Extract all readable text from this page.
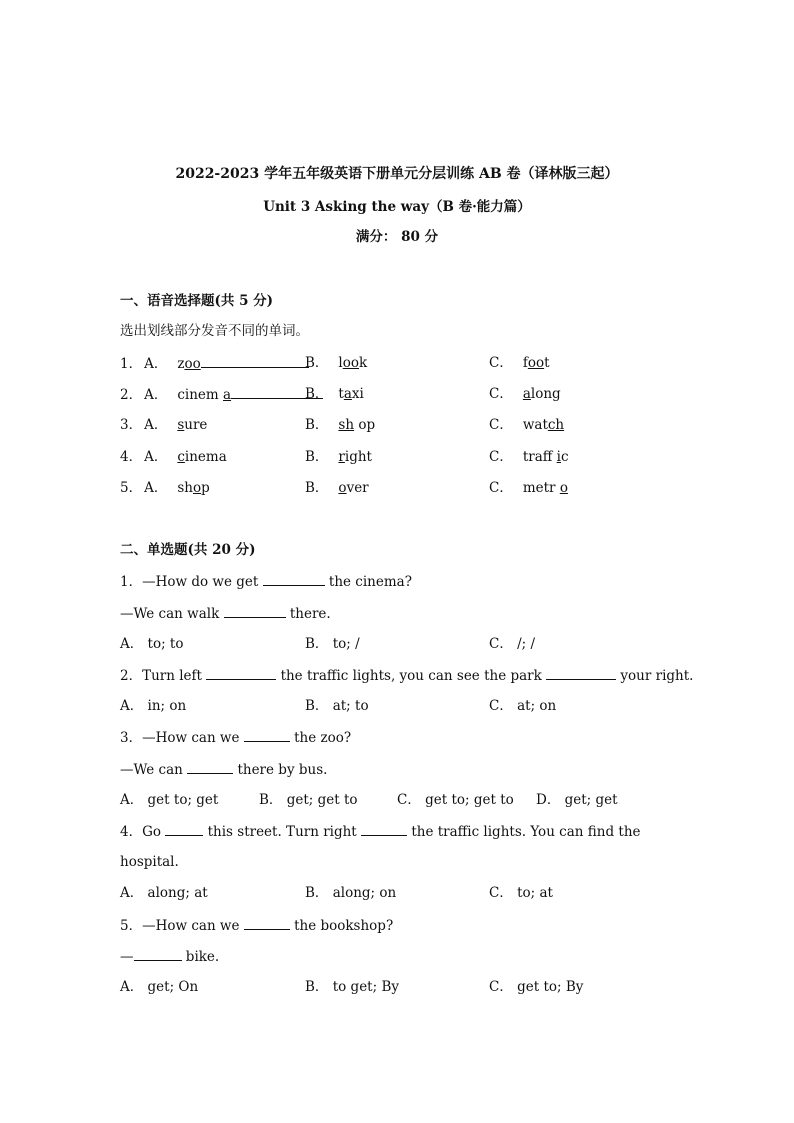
2022-2023 学年五年级英语下册单元分层训练 AB 卷（译林版三起）
Unit 3 Asking the way（B 卷·能力篇）
满分： 80 分
一、语音选择题(共 5 分)
选出划线部分发音不同的单词。
1． A． zoo	B． look	C． foot
2． A． cinem a	B． taxi	C． along
3． A． sure	B． sh op	C． watch
4． A． cinema	B． right	C． traff ic
5． A． shop	B． over	C． metr o
二、单选题(共 20 分)
1．—How do we get	the cinema?
—We can walk	there.
A． to; to	B． to; /	C． /; /
2．Turn left	the traffic lights, you can see the park	your right.
A． in; on	B． at; to	C． at; on
3．—How can we	the zoo?
—We can	there by bus.
A． get to; get	B． get; get to	C． get to; get to D． get; get
4．Go	this street. Turn right	the traffic lights. You can find the
hospital.
A． along; at	B． along; on	C． to; at
5．—How can we	the bookshop?
—	bike.
A． get; On	B． to get; By	C． get to; By
